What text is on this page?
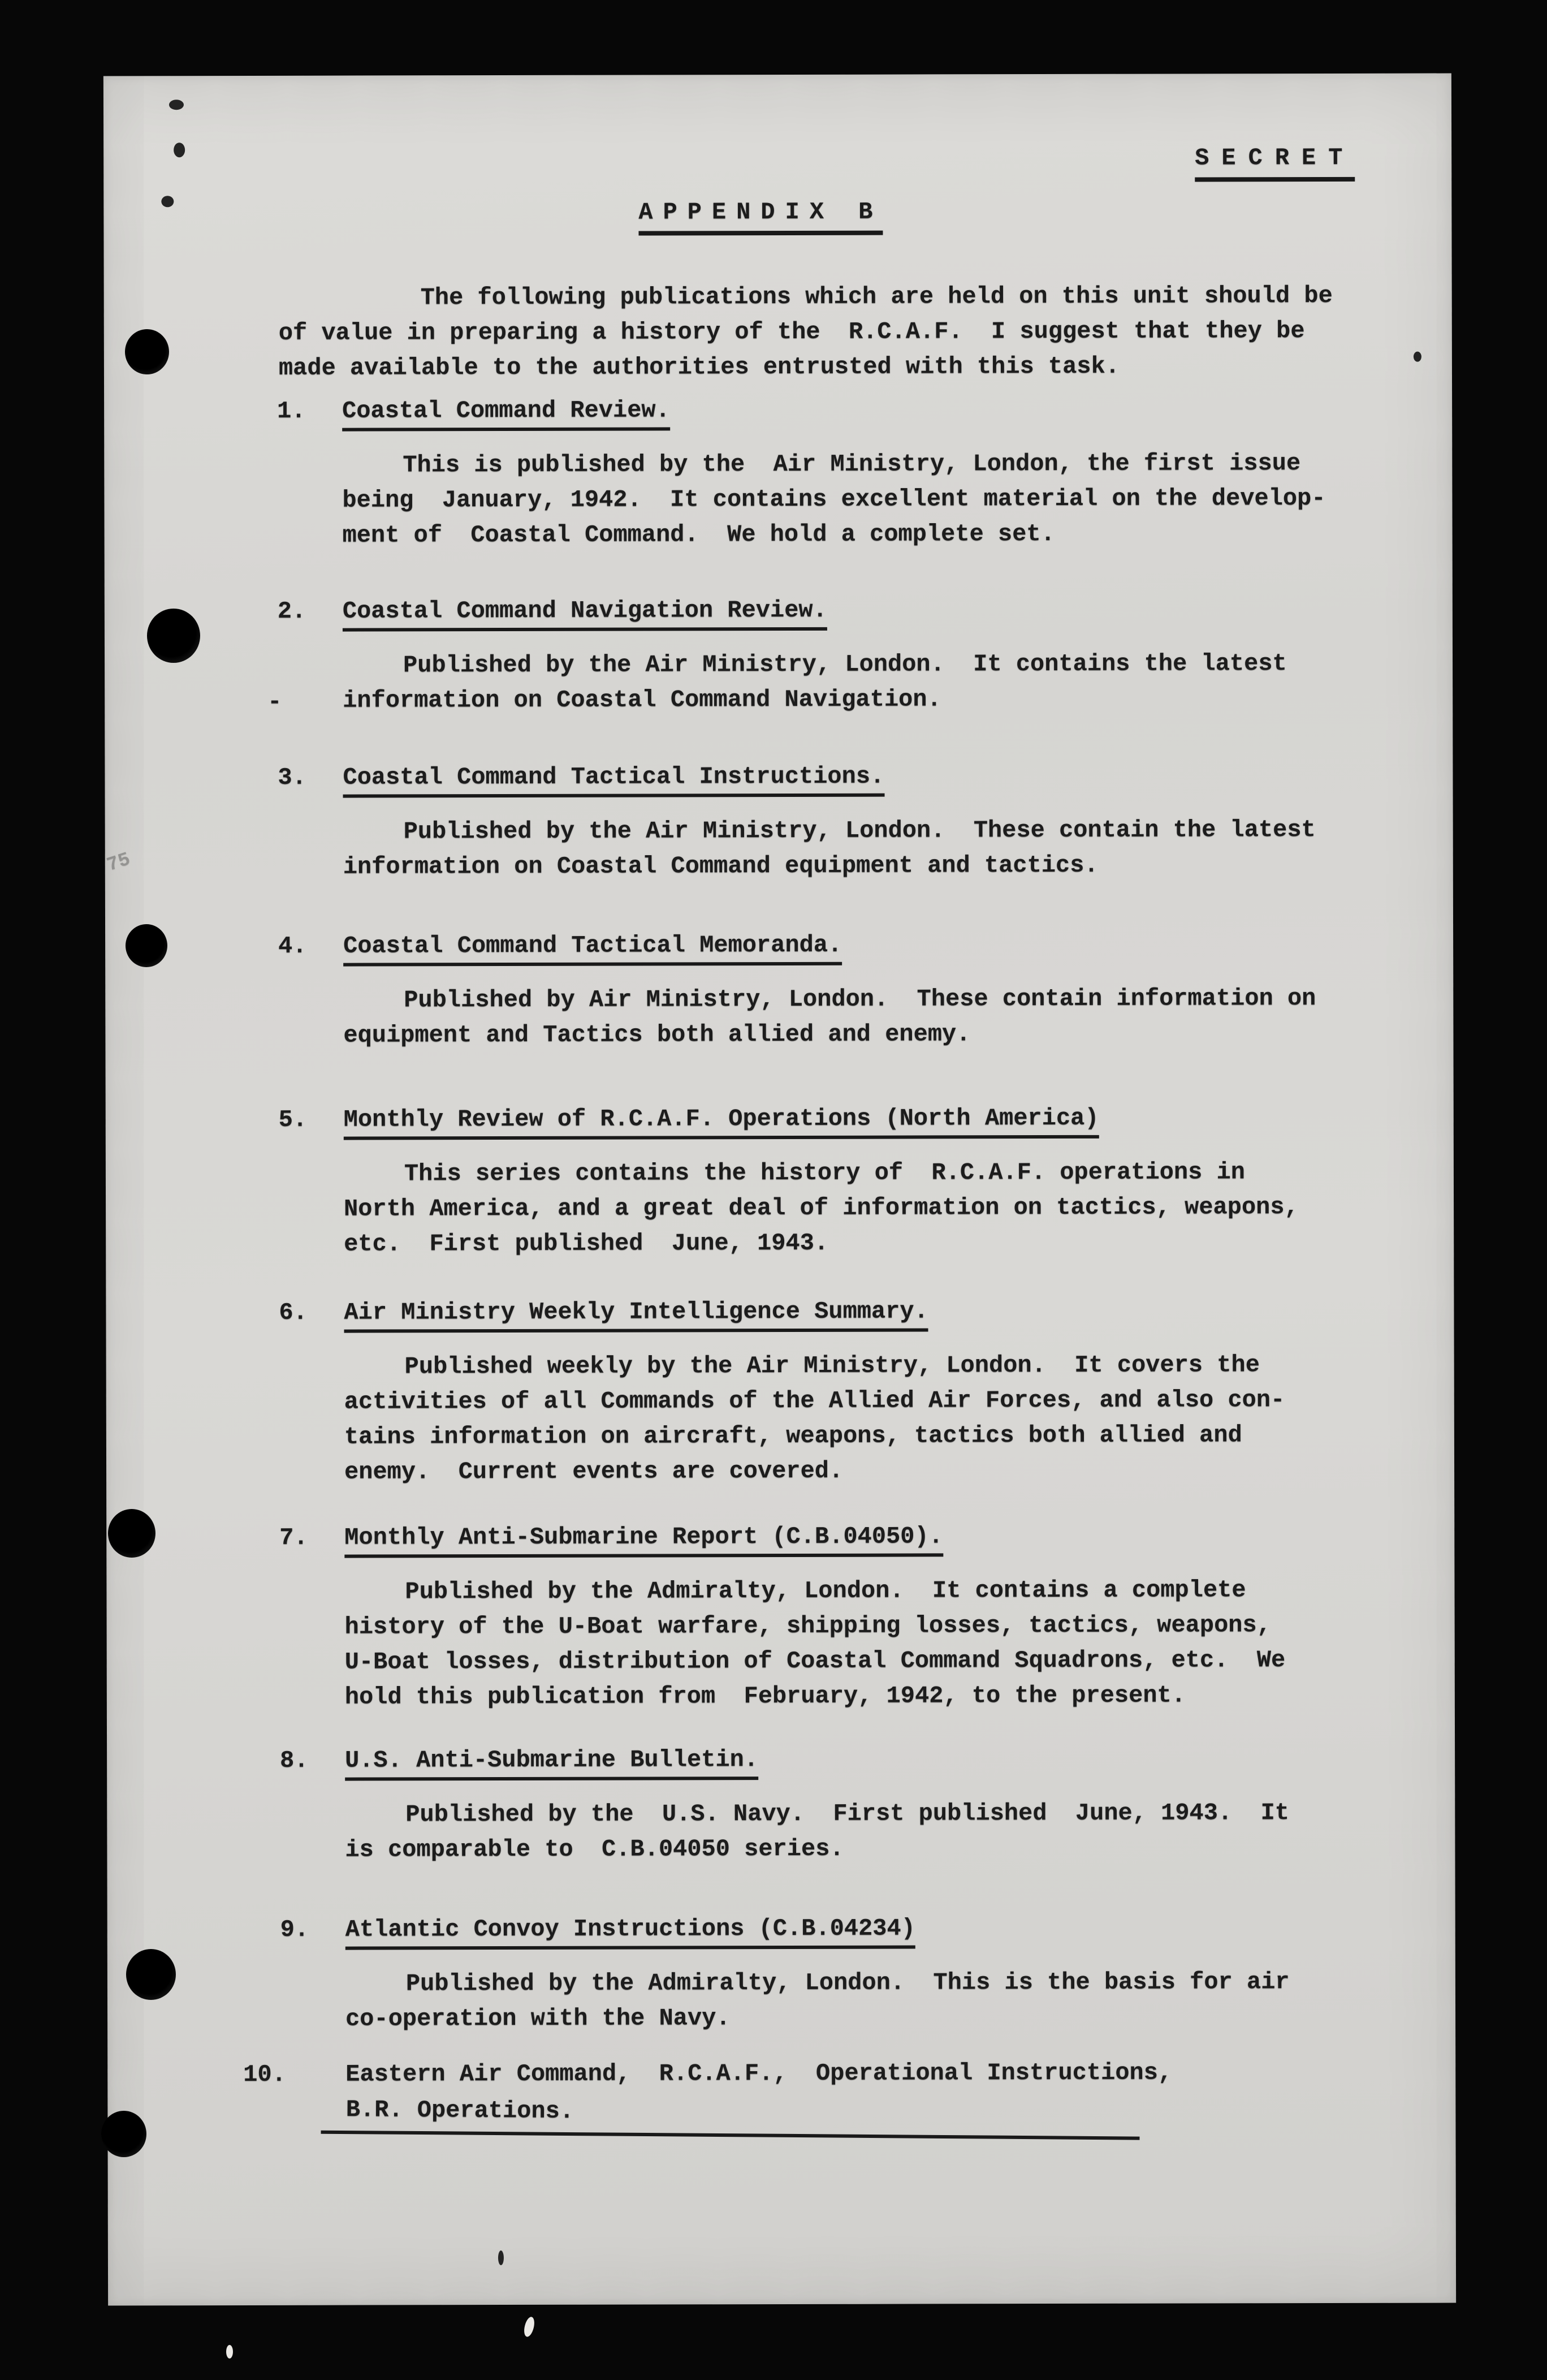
SECRET
APPENDIX B

The following publications which are held on this unit should be
of value in preparing a history of the  R.C.A.F.  I suggest that they be
made available to the authorities entrusted with this task.

1. Coastal Command Review.

This is published by the  Air Ministry, London, the first issue
being  January, 1942.  It contains excellent material on the develop-
ment of  Coastal Command.  We hold a complete set.

2. Coastal Command Navigation Review.

Published by the Air Ministry, London.  It contains the latest
information on Coastal Command Navigation.

3. Coastal Command Tactical Instructions.

Published by the Air Ministry, London.  These contain the latest
information on Coastal Command equipment and tactics.

4. Coastal Command Tactical Memoranda.

Published by Air Ministry, London.  These contain information on
equipment and Tactics both allied and enemy.

5. Monthly Review of R.C.A.F. Operations (North America)

This series contains the history of  R.C.A.F. operations in
North America, and a great deal of information on tactics, weapons,
etc.  First published  June, 1943.

6. Air Ministry Weekly Intelligence Summary.

Published weekly by the Air Ministry, London.  It covers the
activities of all Commands of the Allied Air Forces, and also con-
tains information on aircraft, weapons, tactics both allied and
enemy.  Current events are covered.

7. Monthly Anti-Submarine Report (C.B.04050).

Published by the Admiralty, London.  It contains a complete
history of the U-Boat warfare, shipping losses, tactics, weapons,
U-Boat losses, distribution of Coastal Command Squadrons, etc.  We
hold this publication from  February, 1942, to the present.

8. U.S. Anti-Submarine Bulletin.

Published by the  U.S. Navy.  First published  June, 1943.  It
is comparable to  C.B.04050 series.

9. Atlantic Convoy Instructions (C.B.04234)

Published by the Admiralty, London.  This is the basis for air
co-operation with the Navy.

10.	Eastern Air Command,  R.C.A.F.,  Operational Instructions,
B.R. Operations.
-
75
